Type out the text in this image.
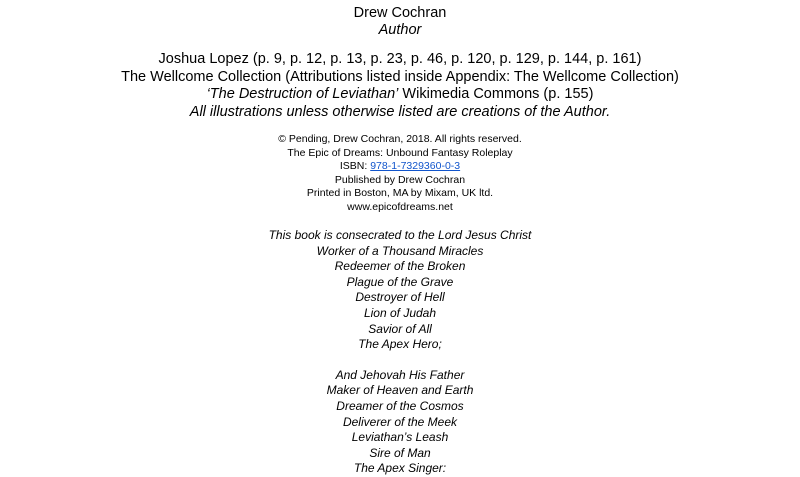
Drew Cochran
Author
Joshua Lopez (p. 9, p. 12, p. 13, p. 23, p. 46, p. 120, p. 129, p. 144, p. 161)
The Wellcome Collection (Attributions listed inside Appendix: The Wellcome Collection)
‘The Destruction of Leviathan’ Wikimedia Commons (p. 155)
All illustrations unless otherwise listed are creations of the Author.
© Pending, Drew Cochran, 2018. All rights reserved.
The Epic of Dreams: Unbound Fantasy Roleplay
ISBN: 978-1-7329360-0-3
Published by Drew Cochran
Printed in Boston, MA by Mixam, UK ltd.
www.epicofdreams.net
This book is consecrated to the Lord Jesus Christ
Worker of a Thousand Miracles
Redeemer of the Broken
Plague of the Grave
Destroyer of Hell
Lion of Judah
Savior of All
The Apex Hero;
And Jehovah His Father
Maker of Heaven and Earth
Dreamer of the Cosmos
Deliverer of the Meek
Leviathan’s Leash
Sire of Man
The Apex Singer:
